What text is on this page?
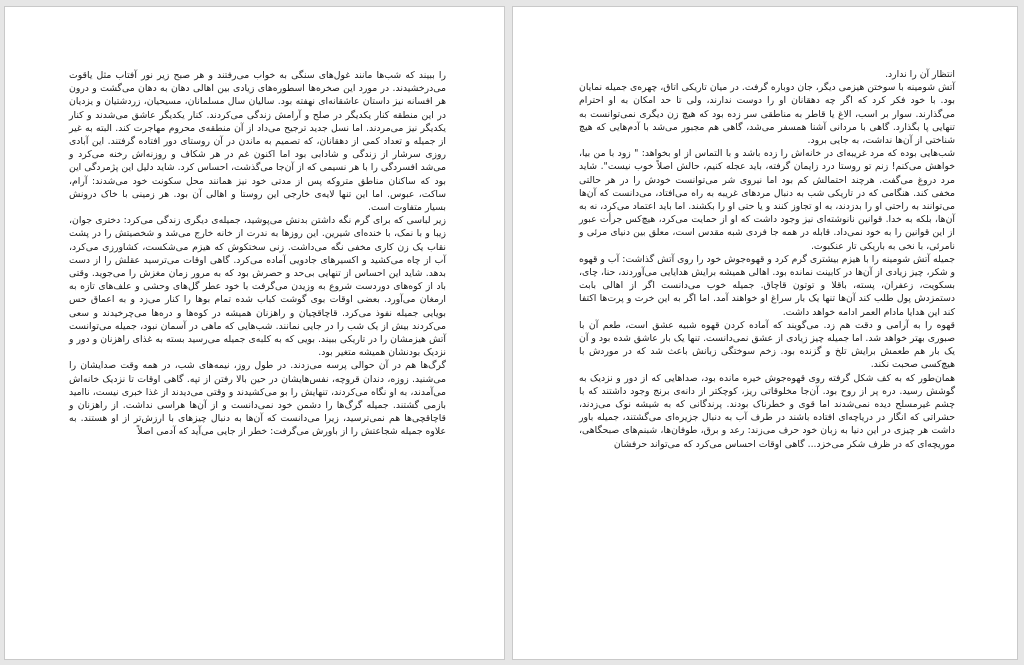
را ببیند که شب‌ها مانند غول‌های سنگی به خواب می‌رفتند و هر صبح زیر نور آفتاب مثل یاقوت می‌درخشیدند. در مورد این صخره‌ها اسطوره‌های زیادی بین اهالی دهان به دهان می‌گشت و درون هر افسانه نیز داستان عاشقانه‌ای نهفته بود. سالیان سال مسلمانان، مسیحیان، زردشتیان و یزدیان در این منطقه کنار یکدیگر در صلح و آرامش زندگی می‌کردند. کنار یکدیگر عاشق می‌شدند و کنار یکدیگر نیز می‌مردند. اما نسل جدید ترجیح می‌داد از آن منطقه‌ی محروم مهاجرت کند. البته به غیر از جمیله و تعداد کمی از دهقانان، که تصمیم به ماندن در آن روستای دور افتاده گرفتند. این آبادی روزی سرشار از زندگی و شادابی بود اما اکنون غم در هر شکاف و روزنه‌اش رخنه می‌کرد و می‌شد افسردگی را با هر نسیمی که از آن‌جا می‌گذشت، احساس کرد. شاید دلیل این پژمردگی این بود که ساکنان مناطق متروکه پس از مدتی خود نیز همانند محل سکونت خود می‌شدند: آرام، ساکت، عبوس. اما این تنها لایه‌ی خارجی این روستا و اهالی آن بود. هر زمینی با خاک درونش بسیار متفاوت است.

زیر لباسی که برای گرم نگه داشتن بدنش می‌پوشید، جمیله‌ی دیگری زندگی می‌کرد: دختری جوان، زیبا و با نمک، با خنده‌ای شیرین. این روزها به ندرت از خانه خارج می‌شد و شخصیتش را در پشت نقاب یک زن کاری مخفی نگه می‌داشت. زنی سختکوش که هیزم می‌شکست، کشاورزی می‌کرد، آب از چاه می‌کشید و اکسیرهای جادویی آماده می‌کرد. گاهی اوقات می‌ترسید عقلش را از دست بدهد. شاید این احساس از تنهایی بی‌حد و حصرش بود که به مرور زمان مغزش را می‌جوید. وقتی باد از کوه‌های دوردست شروع به وزیدن می‌گرفت با خود عطر گل‌های وحشی و علف‌های تازه به ارمغان می‌آورد. بعضی اوقات بوی گوشت کباب شده تمام بوها را کنار می‌زد و به اعماق حس بویایی جمیله نفوذ می‌کرد. قاچاقچیان و راهزنان همیشه در کوه‌ها و دره‌ها می‌چرخیدند و سعی می‌کردند بیش از یک شب را در جایی نمانند. شب‌هایی که ماهی در آسمان نبود، جمیله می‌توانست آتش هیزمشان را در تاریکی ببیند. بویی که به کلبه‌ی جمیله می‌رسید بسته به غذای راهزنان و دور و نزدیک بودنشان همیشه متغیر بود.

گرگ‌ها هم در آن حوالی پرسه می‌زدند. در طول روز، نیمه‌های شب، در همه وقت صدایشان را می‌شنید. زوزه، دندان قروچه، نفس‌هایشان در حین بالا رفتن از تپه. گاهی اوقات تا نزدیک خانه‌اش می‌آمدند، به او نگاه می‌کردند، تنهایش را بو می‌کشیدند و وقتی می‌دیدند از غذا خبری نیست، ناامید بازمی گشتند. جمیله گرگ‌ها را دشمن خود نمی‌دانست و از آن‌ها هراسی نداشت. از راهزنان و قاچاقچی‌ها هم نمی‌ترسید، زیرا می‌دانست که آن‌ها به دنبال چیزهای با ارزش‌تر از او هستند. به علاوه جمیله شجاعتش را از باورش می‌گرفت: خطر از جایی می‌آید که آدمی اصلاً

انتظار آن را ندارد.

آتش شومینه با سوختن هیزمی دیگر، جان دوباره گرفت. در میان تاریکی اتاق، چهره‌ی جمیله نمایان بود. با خود فکر کرد که اگر چه دهقانان او را دوست ندارند، ولی تا حد امکان به او احترام می‌گذارند. سوار بر اسب، الاغ یا قاطر به مناطقی سر زده بود که هیچ زن دیگری نمی‌توانست به تنهایی پا بگذارد. گاهی با مردانی آشنا همسفر می‌شد، گاهی هم مجبور می‌شد با آدم‌هایی که هیچ شناختی از آن‌ها نداشت، به جایی برود.

شب‌هایی بوده که مرد غریبه‌ای در خانه‌اش را زده باشد و با التماس از او بخواهد: " زود با من بیا، خواهش می‌کنم! زنم تو روستا درد زایمان گرفته، باید عجله کنیم، حالش اصلاً خوب نیست". شاید مرد دروغ می‌گفت. هرچند احتمالش کم بود اما نیروی شر می‌توانست خودش را در هر حالتی مخفی کند. هنگامی که در تاریکی شب به دنبال مردهای غریبه به راه می‌افتاد، می‌دانست که آن‌ها می‌توانند به راحتی او را بدزدند، به او تجاوز کنند و یا حتی او را بکشند. اما باید اعتماد می‌کرد، نه به آن‌ها، بلکه به خدا. قوانین نانوشته‌ای نیز وجود داشت که او از حمایت می‌کرد، هیچ‌کس جرأت عبور از این قوانین را به خود نمی‌داد. قابله در همه جا فردی شبه مقدس است، معلق بین دنیای مرئی و نامرئی، با نخی به باریکی تار عنکبوت.

جمیله آتش شومینه را با هیزم بیشتری گرم کرد و قهوه‌جوش خود را روی آتش گذاشت: آب و قهوه و شکر، چیز زیادی از آن‌ها در کابینت نمانده بود. اهالی همیشه برایش هدایایی می‌آوردند، حنا، چای، بسکویت، زعفران، پسته، باقلا و توتون قاچاق. جمیله خوب می‌دانست اگر از اهالی بابت دستمزدش پول طلب کند آن‌ها تنها یک بار سراغ او خواهند آمد. اما اگر به این خرت و پرت‌ها اکتفا کند این هدایا مادام العمر ادامه خواهد داشت.

قهوه را به آرامی و دقت هم زد. می‌گویند که آماده کردن قهوه شبیه عشق است، طعم آن با صبوری بهتر خواهد شد. اما جمیله چیز زیادی از عشق نمی‌دانست. تنها یک بار عاشق شده بود و آن یک بار هم طعمش برایش تلخ و گزنده بود. زخم سوختگی زبانش باعث شد که در موردش با هیچ‌کسی صحبت نکند.

همان‌طور که به کف شکل گرفته روی قهوه‌جوش خیره مانده بود، صداهایی که از دور و نزدیک به گوشش رسید. دره پر از روح بود. آن‌جا مخلوقاتی ریز، کوچکتر از دانه‌ی برنج وجود داشتند که با چشم غیرمسلح دیده نمی‌شدند اما قوی و خطرناک بودند. پرندگانی که به شیشه نوک می‌زدند، حشراتی که انگار در دریاچه‌ای افتاده باشند در طرف آب به دنبال جزیره‌ای می‌گشتند، جمیله باور داشت هر چیزی در این دنیا به زبان خود حرف می‌زند: رعد و برق، طوفان‌ها، شبنم‌های صبحگاهی، موریچه‌ای که در ظرف شکر می‌خزد... گاهی اوقات احساس می‌کرد که می‌تواند حرفشان
